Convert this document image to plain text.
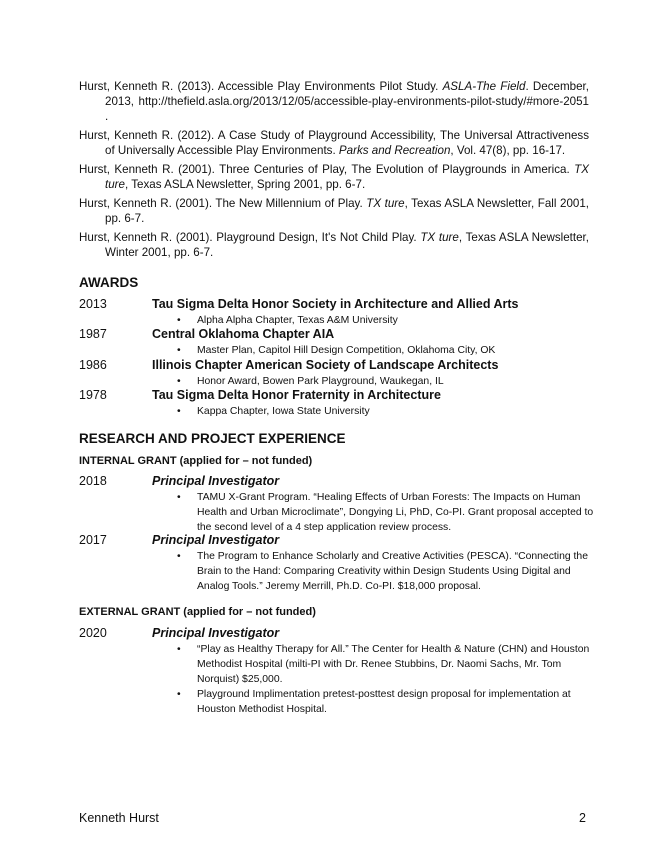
Hurst, Kenneth R. (2013). Accessible Play Environments Pilot Study. ASLA-The Field. December, 2013, http://thefield.asla.org/2013/12/05/accessible-play-environments-pilot-study/#more-2051 .
Hurst, Kenneth R. (2012). A Case Study of Playground Accessibility, The Universal Attractiveness of Universally Accessible Play Environments. Parks and Recreation, Vol. 47(8), pp. 16-17.
Hurst, Kenneth R. (2001). Three Centuries of Play, The Evolution of Playgrounds in America. TX ture, Texas ASLA Newsletter, Spring 2001, pp. 6-7.
Hurst, Kenneth R. (2001). The New Millennium of Play. TX ture, Texas ASLA Newsletter, Fall 2001, pp. 6-7.
Hurst, Kenneth R. (2001). Playground Design, It's Not Child Play. TX ture, Texas ASLA Newsletter, Winter 2001, pp. 6-7.
AWARDS
2013	Tau Sigma Delta Honor Society in Architecture and Allied Arts
• Alpha Alpha Chapter, Texas A&M University
1987	Central Oklahoma Chapter AIA
• Master Plan, Capitol Hill Design Competition, Oklahoma City, OK
1986	Illinois Chapter American Society of Landscape Architects
• Honor Award, Bowen Park Playground, Waukegan, IL
1978	Tau Sigma Delta Honor Fraternity in Architecture
• Kappa Chapter, Iowa State University
RESEARCH AND PROJECT EXPERIENCE
INTERNAL GRANT (applied for – not funded)
2018	Principal Investigator
• TAMU X-Grant Program. “Healing Effects of Urban Forests: The Impacts on Human Health and Urban Microclimate”, Dongying Li, PhD, Co-PI. Grant proposal accepted to the second level of a 4 step application review process.
2017	Principal Investigator
• The Program to Enhance Scholarly and Creative Activities (PESCA). “Connecting the Brain to the Hand: Comparing Creativity within Design Students Using Digital and Analog Tools.” Jeremy Merrill, Ph.D. Co-PI. $18,000 proposal.
EXTERNAL GRANT (applied for – not funded)
2020	Principal Investigator
• “Play as Healthy Therapy for All.” The Center for Health & Nature (CHN) and Houston Methodist Hospital (milti-PI with Dr. Renee Stubbins, Dr. Naomi Sachs, Mr. Tom Norquist) $25,000.
• Playground Implimentation pretest-posttest design proposal for implementation at Houston Methodist Hospital.
Kenneth Hurst	2
